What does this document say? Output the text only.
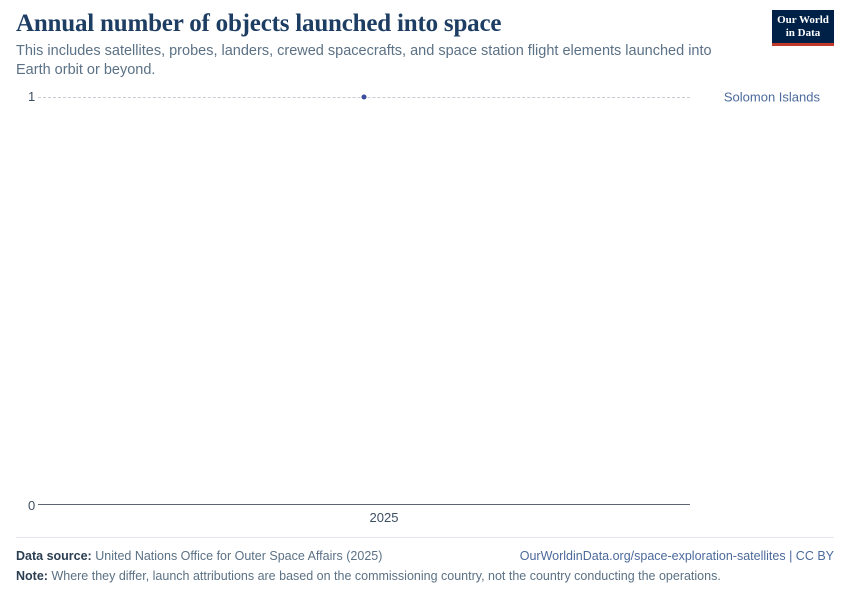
Annual number of objects launched into space

This includes satellites, probes, landers, crewed spacecrafts, and space station flight elements launched into Earth orbit or beyond.

Our World
in Data
1
0
2025
Solomon Islands
Data source: United Nations Office for Outer Space Affairs (2025)	OurWorldinData.org/space-exploration-satellites | CC BY
Note: Where they differ, launch attributions are based on the commissioning country, not the country conducting the operations.
